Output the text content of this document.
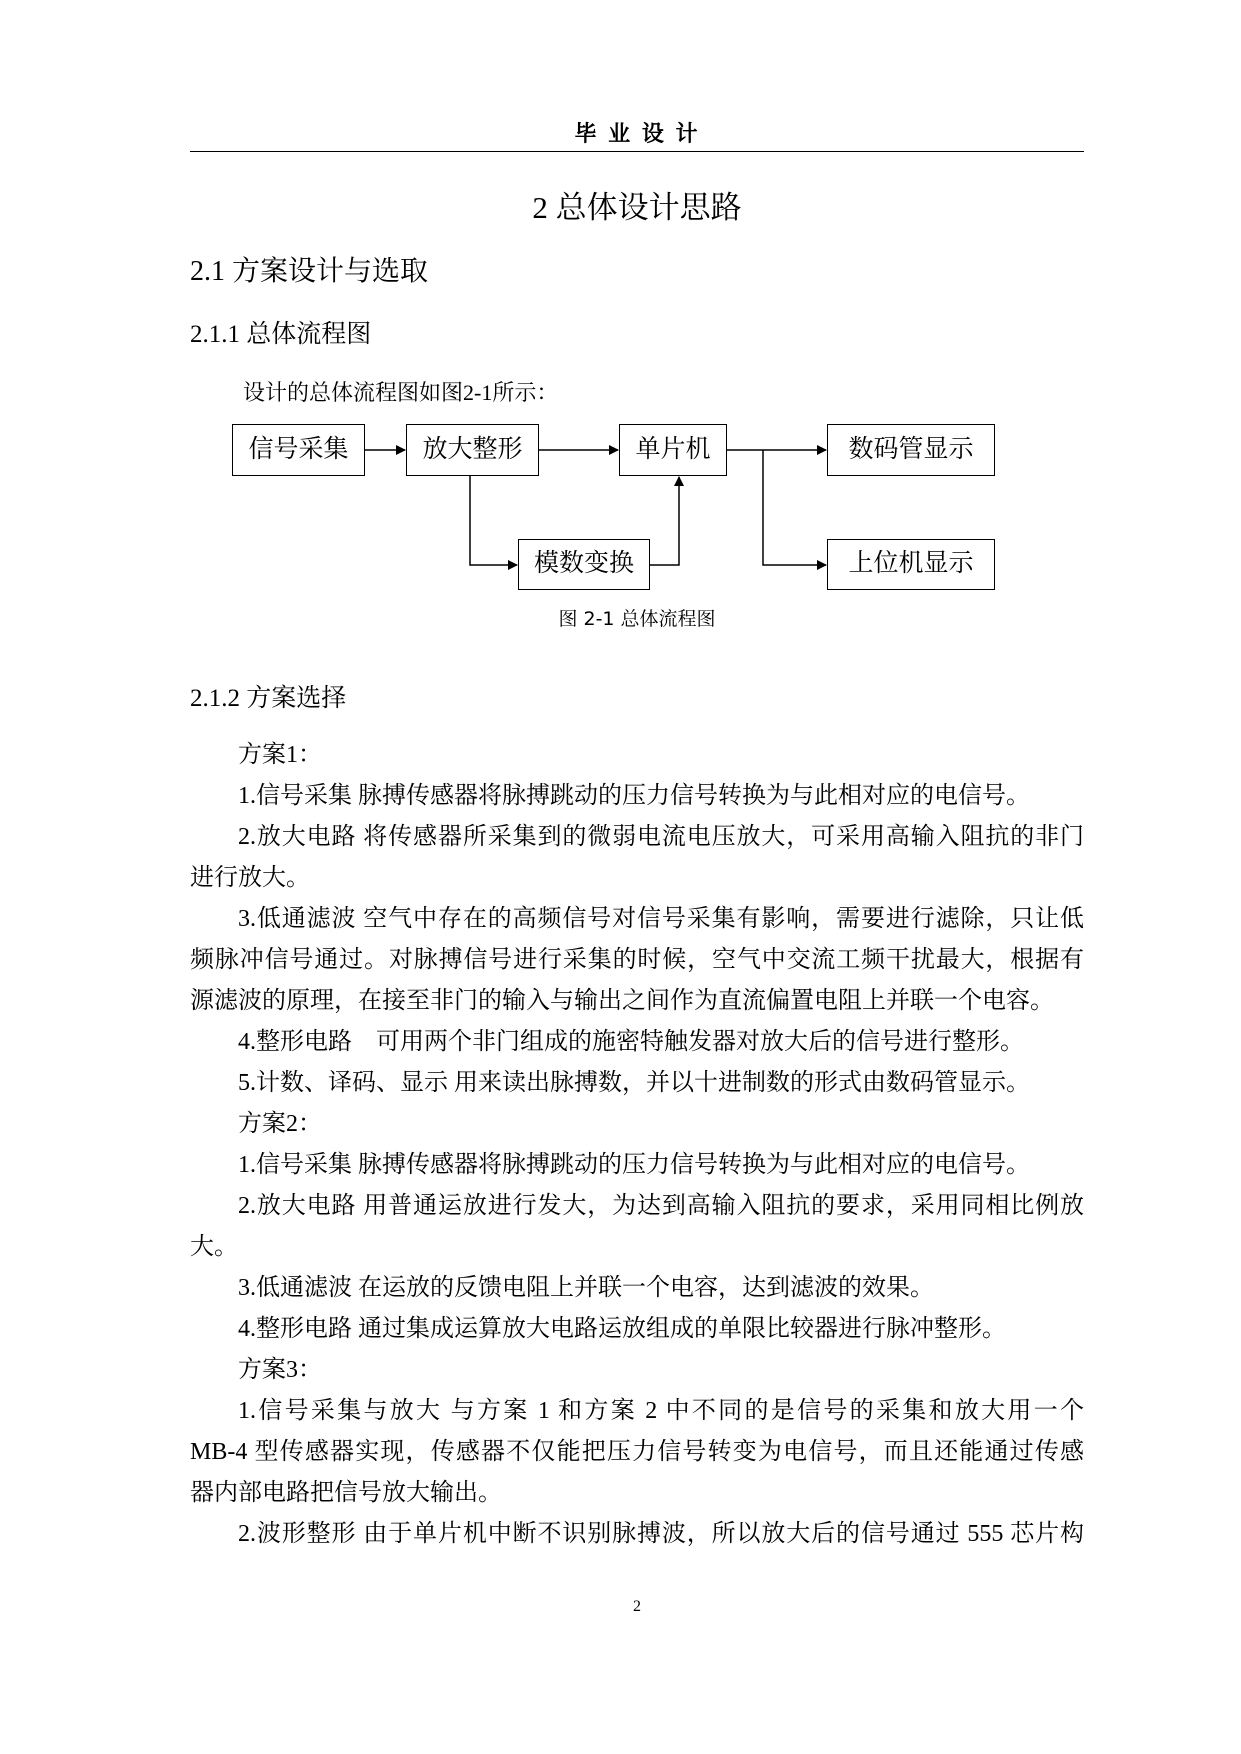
毕 业 设 计
2 总体设计思路
2.1 方案设计与选取
2.1.1 总体流程图
设计的总体流程图如图2-1所示：
信号采集	放大整形	单片机	数码管显示
模数变换	上位机显示
图 2-1 总体流程图
2.1.2 方案选择
方案1：
1.信号采集 脉搏传感器将脉搏跳动的压力信号转换为与此相对应的电信号。
2.放大电路 将传感器所采集到的微弱电流电压放大，可采用高输入阻抗的非门
进行放大。
3.低通滤波 空气中存在的高频信号对信号采集有影响，需要进行滤除，只让低
频脉冲信号通过。对脉搏信号进行采集的时候，空气中交流工频干扰最大，根据有
源滤波的原理，在接至非门的输入与输出之间作为直流偏置电阻上并联一个电容。
4.整形电路    可用两个非门组成的施密特触发器对放大后的信号进行整形。
5.计数、译码、显示 用来读出脉搏数，并以十进制数的形式由数码管显示。
方案2：
1.信号采集 脉搏传感器将脉搏跳动的压力信号转换为与此相对应的电信号。
2.放大电路 用普通运放进行发大，为达到高输入阻抗的要求，采用同相比例放
大。
3.低通滤波 在运放的反馈电阻上并联一个电容，达到滤波的效果。
4.整形电路 通过集成运算放大电路运放组成的单限比较器进行脉冲整形。
方案3：
1.信号采集与放大 与方案 1 和方案 2 中不同的是信号的采集和放大用一个
MB-4 型传感器实现，传感器不仅能把压力信号转变为电信号，而且还能通过传感
器内部电路把信号放大输出。
2.波形整形 由于单片机中断不识别脉搏波，所以放大后的信号通过 555 芯片构
2
